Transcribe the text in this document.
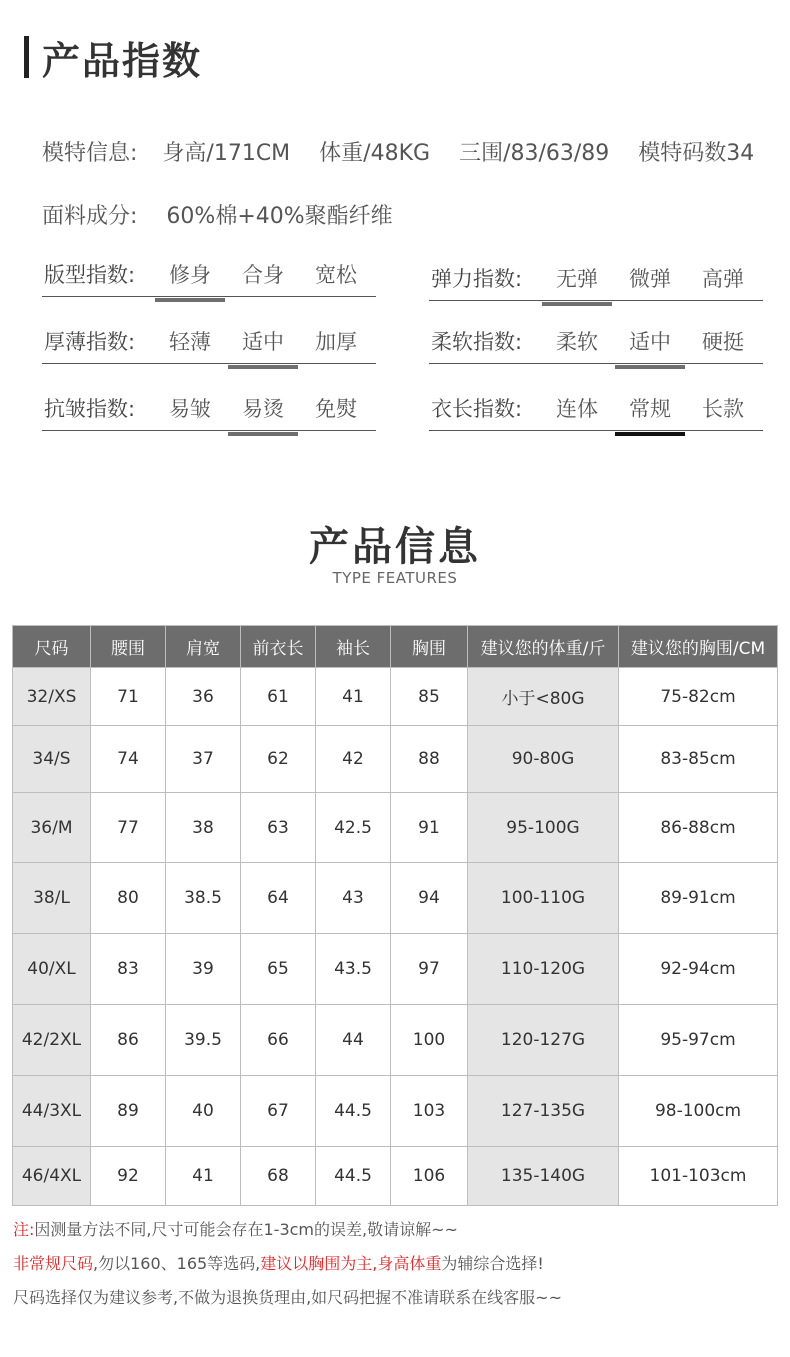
产品指数
模特信息: 身高/171CM 体重/48KG 三围/83/63/89 模特码数34
面料成分: 60%棉+40%聚酯纤维
版型指数:	修身	合身	宽松	弹力指数:	无弹	微弹	高弹
厚薄指数:	轻薄	适中	加厚	柔软指数:	柔软	适中	硬挺
抗皱指数:	易皱	易烫	免熨	衣长指数:	连体	常规	长款
产品信息
TYPE FEATURES
尺码	腰围	肩宽	前衣长	袖长	胸围	建议您的体重/斤	建议您的胸围/CM
32/XS	71	36	61	41	85	小于<80G	75-82cm
34/S	74	37	62	42	88	90-80G	83-85cm
36/M	77	38	63	42.5	91	95-100G	86-88cm
38/L	80	38.5	64	43	94	100-110G	89-91cm
40/XL	83	39	65	43.5	97	110-120G	92-94cm
42/2XL	86	39.5	66	44	100	120-127G	95-97cm
44/3XL	89	40	67	44.5	103	127-135G	98-100cm
46/4XL	92	41	68	44.5	106	135-140G	101-103cm
注:因测量方法不同,尺寸可能会存在1-3cm的误差,敬请谅解~~
非常规尺码,勿以160、165等选码,建议以胸围为主,身高体重为辅综合选择!
尺码选择仅为建议参考,不做为退换货理由,如尺码把握不准请联系在线客服~~
